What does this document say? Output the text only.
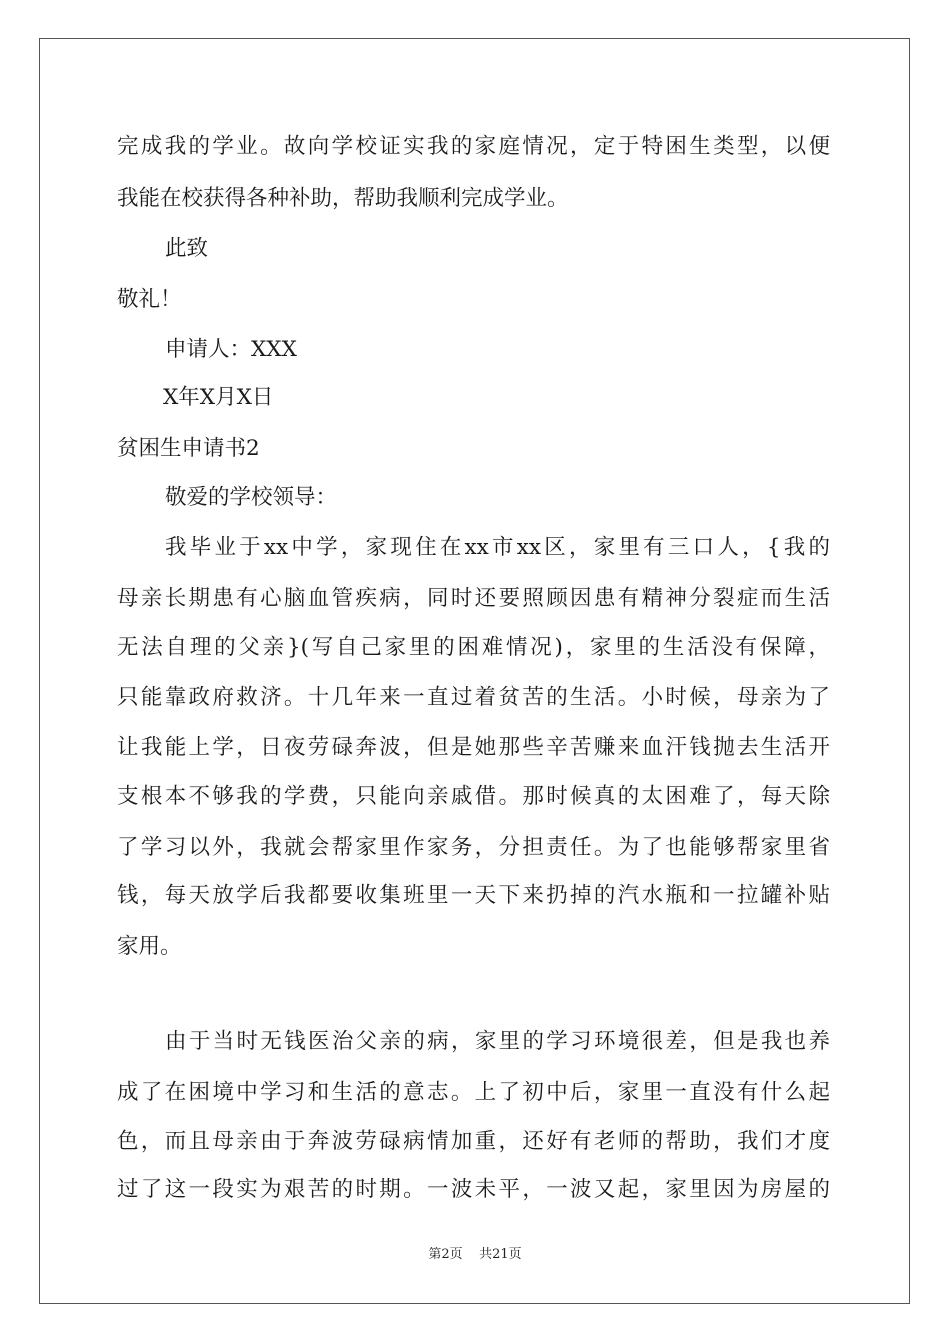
完成我的学业。故向学校证实我的家庭情况，定于特困生类型，以便
我能在校获得各种补助，帮助我顺利完成学业。
此致
敬礼！
申请人：XXX
X年X月X日
贫困生申请书2
敬爱的学校领导：
我毕业于xx中学，家现住在xx市xx区，家里有三口人，{我的
母亲长期患有心脑血管疾病，同时还要照顾因患有精神分裂症而生活
无法自理的父亲}(写自己家里的困难情况)，家里的生活没有保障，
只能靠政府救济。十几年来一直过着贫苦的生活。小时候，母亲为了
让我能上学，日夜劳碌奔波，但是她那些辛苦赚来血汗钱抛去生活开
支根本不够我的学费，只能向亲戚借。那时候真的太困难了，每天除
了学习以外，我就会帮家里作家务，分担责任。为了也能够帮家里省
钱，每天放学后我都要收集班里一天下来扔掉的汽水瓶和一拉罐补贴
家用。
由于当时无钱医治父亲的病，家里的学习环境很差，但是我也养
成了在困境中学习和生活的意志。上了初中后，家里一直没有什么起
色，而且母亲由于奔波劳碌病情加重，还好有老师的帮助，我们才度
过了这一段实为艰苦的时期。一波未平，一波又起，家里因为房屋的
第2页    共21页
